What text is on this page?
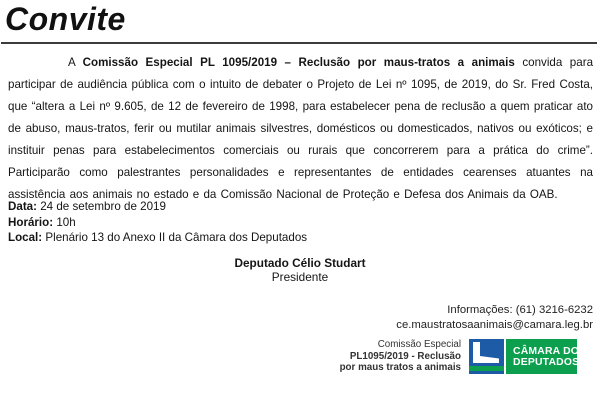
Convite

A Comissão Especial PL 1095/2019 – Reclusão por maus-tratos a animais convida para participar de audiência pública com o intuito de debater o Projeto de Lei nº 1095, de 2019, do Sr. Fred Costa, que “altera a Lei nº 9.605, de 12 de fevereiro de 1998, para estabelecer pena de reclusão a quem praticar ato de abuso, maus-tratos, ferir ou mutilar animais silvestres, domésticos ou domesticados, nativos ou exóticos; e instituir penas para estabelecimentos comerciais ou rurais que concorrerem para a prática do crime”. Participarão como palestrantes personalidades e representantes de entidades cearenses atuantes na assistência aos animais no estado e da Comissão Nacional de Proteção e Defesa dos Animais da OAB.

Data: 24 de setembro de 2019
Horário: 10h
Local: Plenário 13 do Anexo II da Câmara dos Deputados
Deputado Célio Studart
Presidente
Informações: (61) 3216-6232
ce.maustratosaanimais@camara.leg.br
Comissão Especial
PL1095/2019 - Reclusão
por maus tratos a animais
CÂMARA DOS
DEPUTADOS
